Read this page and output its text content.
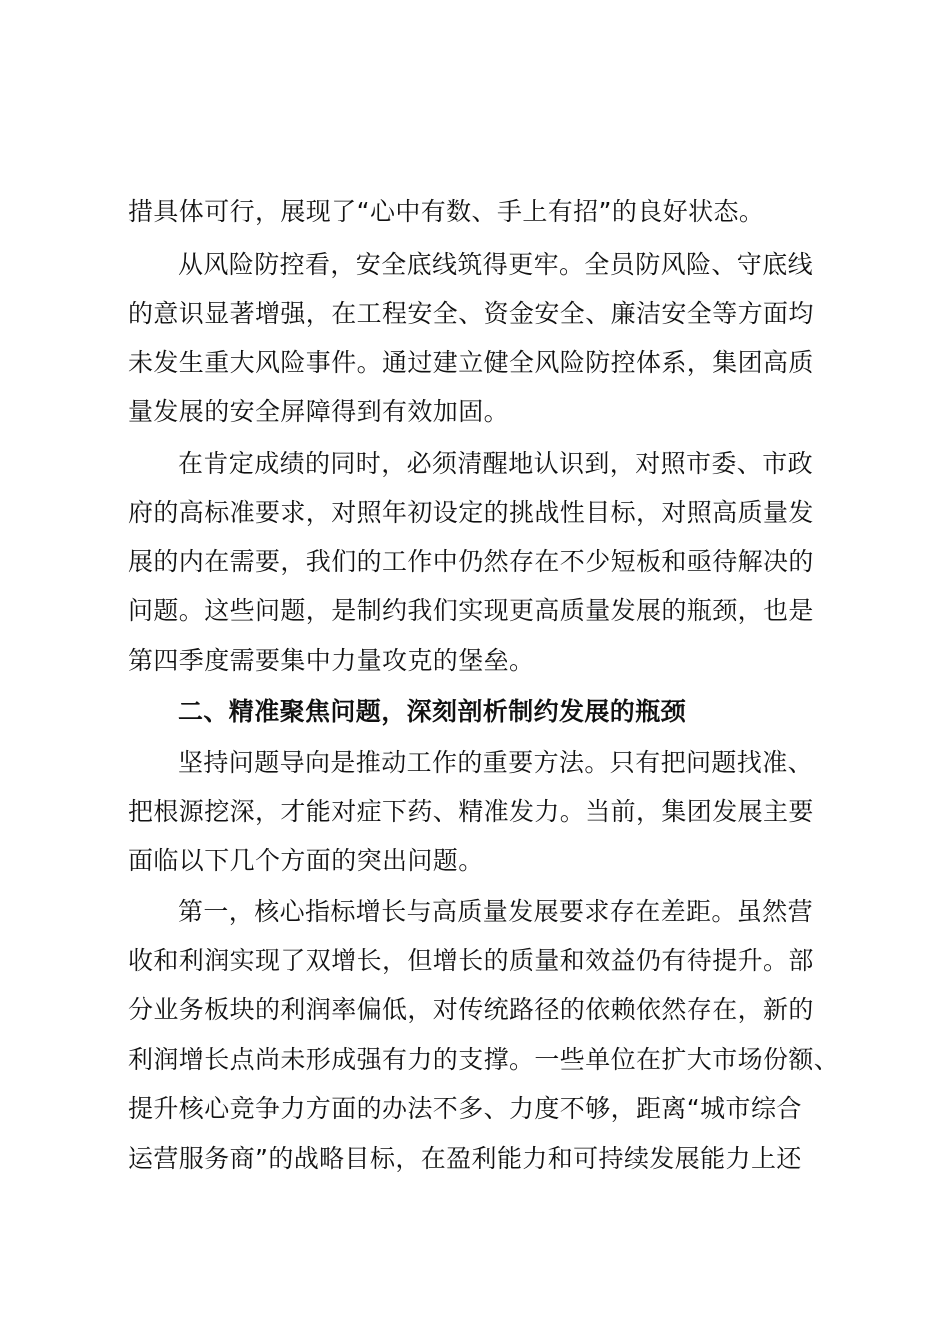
措具体可行，展现了“心中有数、手上有招”的良好状态。
从风险防控看，安全底线筑得更牢。全员防风险、守底线
的意识显著增强，在工程安全、资金安全、廉洁安全等方面均
未发生重大风险事件。通过建立健全风险防控体系，集团高质
量发展的安全屏障得到有效加固。
在肯定成绩的同时，必须清醒地认识到，对照市委、市政
府的高标准要求，对照年初设定的挑战性目标，对照高质量发
展的内在需要，我们的工作中仍然存在不少短板和亟待解决的
问题。这些问题，是制约我们实现更高质量发展的瓶颈，也是
第四季度需要集中力量攻克的堡垒。
二、精准聚焦问题，深刻剖析制约发展的瓶颈
坚持问题导向是推动工作的重要方法。只有把问题找准、
把根源挖深，才能对症下药、精准发力。当前，集团发展主要
面临以下几个方面的突出问题。
第一，核心指标增长与高质量发展要求存在差距。虽然营
收和利润实现了双增长，但增长的质量和效益仍有待提升。部
分业务板块的利润率偏低，对传统路径的依赖依然存在，新的
利润增长点尚未形成强有力的支撑。一些单位在扩大市场份额、
提升核心竞争力方面的办法不多、力度不够，距离“城市综合
运营服务商”的战略目标，在盈利能力和可持续发展能力上还
